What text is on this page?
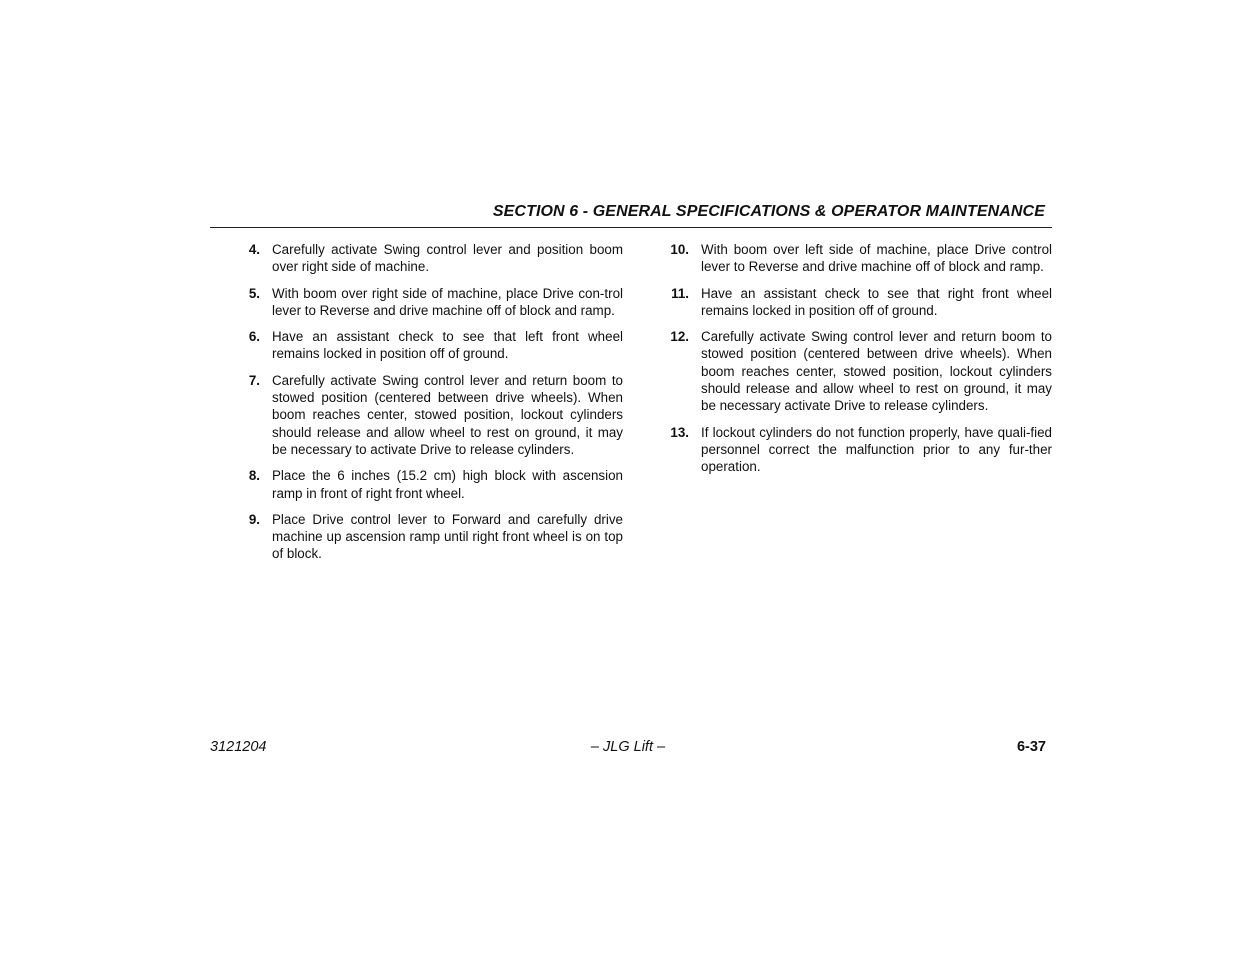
SECTION 6 - GENERAL SPECIFICATIONS & OPERATOR MAINTENANCE
4. Carefully activate Swing control lever and position boom over right side of machine.
5. With boom over right side of machine, place Drive con-trol lever to Reverse and drive machine off of block and ramp.
6. Have an assistant check to see that left front wheel remains locked in position off of ground.
7. Carefully activate Swing control lever and return boom to stowed position (centered between drive wheels). When boom reaches center, stowed position, lockout cylinders should release and allow wheel to rest on ground, it may be necessary to activate Drive to release cylinders.
8. Place the 6 inches (15.2 cm) high block with ascension ramp in front of right front wheel.
9. Place Drive control lever to Forward and carefully drive machine up ascension ramp until right front wheel is on top of block.
10. With boom over left side of machine, place Drive control lever to Reverse and drive machine off of block and ramp.
11. Have an assistant check to see that right front wheel remains locked in position off of ground.
12. Carefully activate Swing control lever and return boom to stowed position (centered between drive wheels). When boom reaches center, stowed position, lockout cylinders should release and allow wheel to rest on ground, it may be necessary activate Drive to release cylinders.
13. If lockout cylinders do not function properly, have quali-fied personnel correct the malfunction prior to any fur-ther operation.
3121204	– JLG Lift –	6-37
